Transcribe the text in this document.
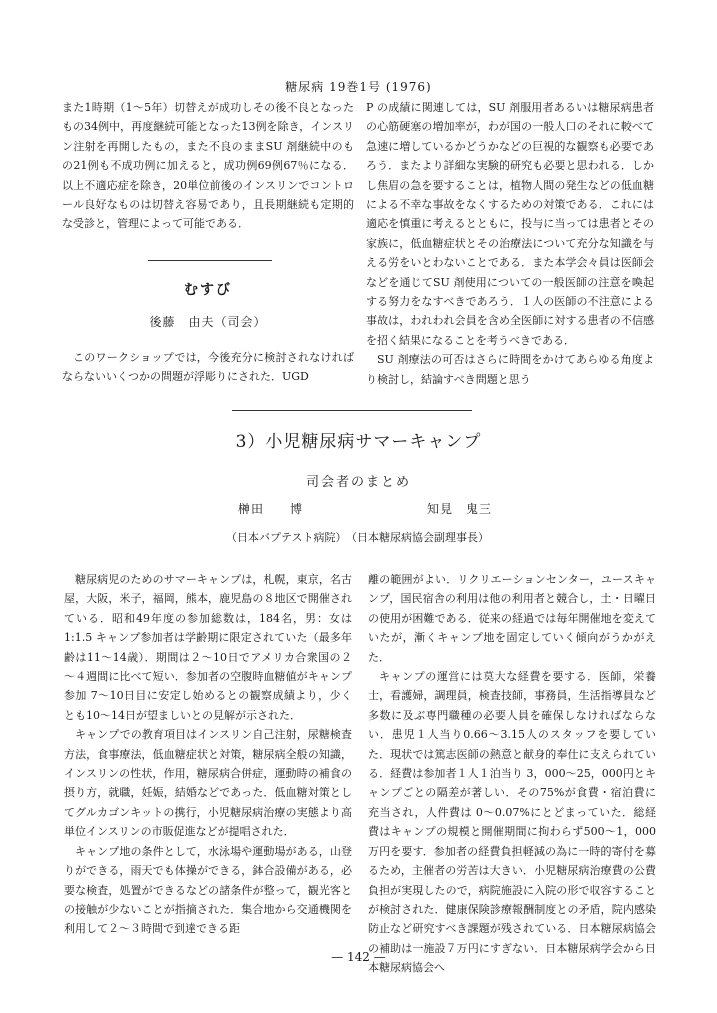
糖尿病 19巻1号 (1976)

また1時期（1～5年）切替えが成功しその後不良となったもの34例中，再度継続可能となった13例を除き，インスリン注射を再開したもの，また不良のままSU 剤継続中のもの21例も不成功例に加えると，成功例69例67％になる．以上不適応症を除き，20単位前後のインスリンでコントロール良好なものは切替え容易であり，且長期継続も定期的な受診と，管理によって可能である．

むすび
後藤　由夫（司会）

このワークショップでは，今後充分に検討されなければならないいくつかの問題が浮彫りにされた．UGD

P の成績に関連しては，SU 剤服用者あるいは糖尿病患者の心筋硬塞の増加率が，わが国の一般人口のそれに較べて急速に増しているかどうかなどの巨視的な観察も必要であろう．またより詳細な実験的研究も必要と思われる．しかし焦眉の急を要することは，植物人間の発生などの低血糖による不幸な事故をなくするための対策である．これには適応を慎重に考えるとともに，投与に当っては患者とその家族に，低血糖症状とその治療法について充分な知識を与える労をいとわないことである．また本学会々員は医師会などを通じてSU 剤使用についての一般医師の注意を喚起する努力をなすべきであろう．１人の医師の不注意による事故は，われわれ会員を含め全医師に対する患者の不信感を招く結果になることを考うべきである．

SU 剤療法の可否はさらに時間をかけてあらゆる角度より検討し，結論すべき問題と思う

3）小児糖尿病サマーキャンプ
司会者のまとめ
榊田　　博	知見　鬼三
（日本バプテスト病院） （日本糖尿病協会副理事長）

糖尿病児のためのサマーキャンプは，札幌，東京，名古屋，大阪，米子，福岡，熊本，鹿児島の８地区で開催されている．昭和49年度の参加総数は，184名，男：女は1:1.5 キャンプ参加者は学齢期に限定されていた（最多年齢は11～14歳）．期間は２～10日でアメリカ合衆国の２～４週間に比べて短い．参加者の空腹時血糖値がキャンプ参加 7～10日目に安定し始めるとの観察成績より，少くとも10～14日が望ましいとの見解が示された．

キャンプでの教育項目はインスリン自己注射，尿糖検査方法，食事療法，低血糖症状と対策，糖尿病全般の知識，インスリンの性状，作用，糖尿病合併症，運動時の補食の摂り方，就職，妊娠，結婚などであった．低血糖対策としてグルカゴンキットの携行，小児糖尿病治療の実態より高単位インスリンの市販促進などが提唱された．

キャンプ地の条件として，水泳場や運動場がある，山登りができる，雨天でも体操ができる，鉢合設備がある，必要な検査，処置ができるなどの諸条件が整って，観光客との接触が少ないことが指摘された．集合地から交通機関を利用して２～３時間で到達できる距

離の範囲がよい．リクリエーションセンター，ユースキャンプ，国民宿舎の利用は他の利用者と競合し，土・日曜日の使用が困難である．従来の経過では毎年開催地を変えていたが，漸くキャンプ地を固定していく傾向がうかがえた．

キャンプの運営には莫大な経費を要する．医師，栄養士，看護婦，調理員，検査技師，事務員，生活指導員など多数に及ぶ専門職種の必要人員を確保しなければならない．患児１人当り0.66～3.15人のスタッフを要していた．現状では篤志医師の熱意と献身的奉仕に支えられている．経費は参加者１人１泊当り 3，000～25，000円とキャンプごとの隔差が著しい．その75%が食費・宿泊費に充当され，人件費は 0～0.07%にとどまっていた．総経費はキャンプの規模と開催期間に拘わらず500～1，000万円を要す．参加者の経費負担軽減の為に一時的寄付を募るため，主催者の労苦は大きい．小児糖尿病治療費の公費負担が実現したので，病院施設に入院の形で収容することが検討された．健康保険診療報酬制度との矛盾，院内感染防止など研究すべき課題が残されている．日本糖尿病協会の補助は一施設７万円にすぎない．日本糖尿病学会から日本糖尿病協会へ

— 142 —
